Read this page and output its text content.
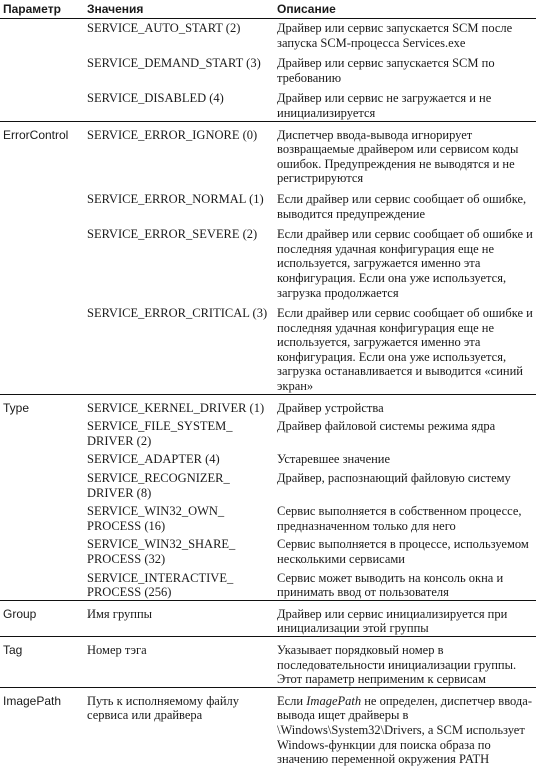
Параметр	Значения	Описание
	SERVICE_AUTO_START (2)	Драйвер или сервис запускается SCM после запуска SCM-процесса Services.exe
	SERVICE_DEMAND_START (3)	Драйвер или сервис запускается SCM по требованию
	SERVICE_DISABLED (4)	Драйвер или сервис не загружается и не инициализируется
ErrorControl	SERVICE_ERROR_IGNORE (0)	Диспетчер ввода-вывода игнорирует возвращаемые драйвером или сервисом коды ошибок. Предупреждения не выводятся и не регистрируются
	SERVICE_ERROR_NORMAL (1)	Если драйвер или сервис сообщает об ошибке, выводится предупреждение
	SERVICE_ERROR_SEVERE (2)	Если драйвер или сервис сообщает об ошибке и последняя удачная конфигурация еще не используется, загружается именно эта конфигурация. Если она уже используется, загрузка продолжается
	SERVICE_ERROR_CRITICAL (3)	Если драйвер или сервис сообщает об ошибке и последняя удачная конфигурация еще не используется, загружается именно эта конфигурация. Если она уже используется, загрузка останавливается и выводится «синий экран»
Type	SERVICE_KERNEL_DRIVER (1)	Драйвер устройства
	SERVICE_FILE_SYSTEM_ DRIVER (2)	Драйвер файловой системы режима ядра
	SERVICE_ADAPTER (4)	Устаревшее значение
	SERVICE_RECOGNIZER_ DRIVER (8)	Драйвер, распознающий файловую систему
	SERVICE_WIN32_OWN_ PROCESS (16)	Сервис выполняется в собственном процессе, предназначенном только для него
	SERVICE_WIN32_SHARE_ PROCESS (32)	Сервис выполняется в процессе, используемом несколькими сервисами
	SERVICE_INTERACTIVE_ PROCESS (256)	Сервис может выводить на консоль окна и принимать ввод от пользователя
Group	Имя группы	Драйвер или сервис инициализируется при инициализации этой группы
Tag	Номер тэга	Указывает порядковый номер в последовательности инициализации группы. Этот параметр неприменим к сервисам
ImagePath	Путь к исполняемому файлу сервиса или драйвера	Если ImagePath не определен, диспетчер ввода-вывода ищет драйверы в \Windows\System32\Drivers, а SCM использует Windows-функции для поиска образа по значению переменной окружения PATH
